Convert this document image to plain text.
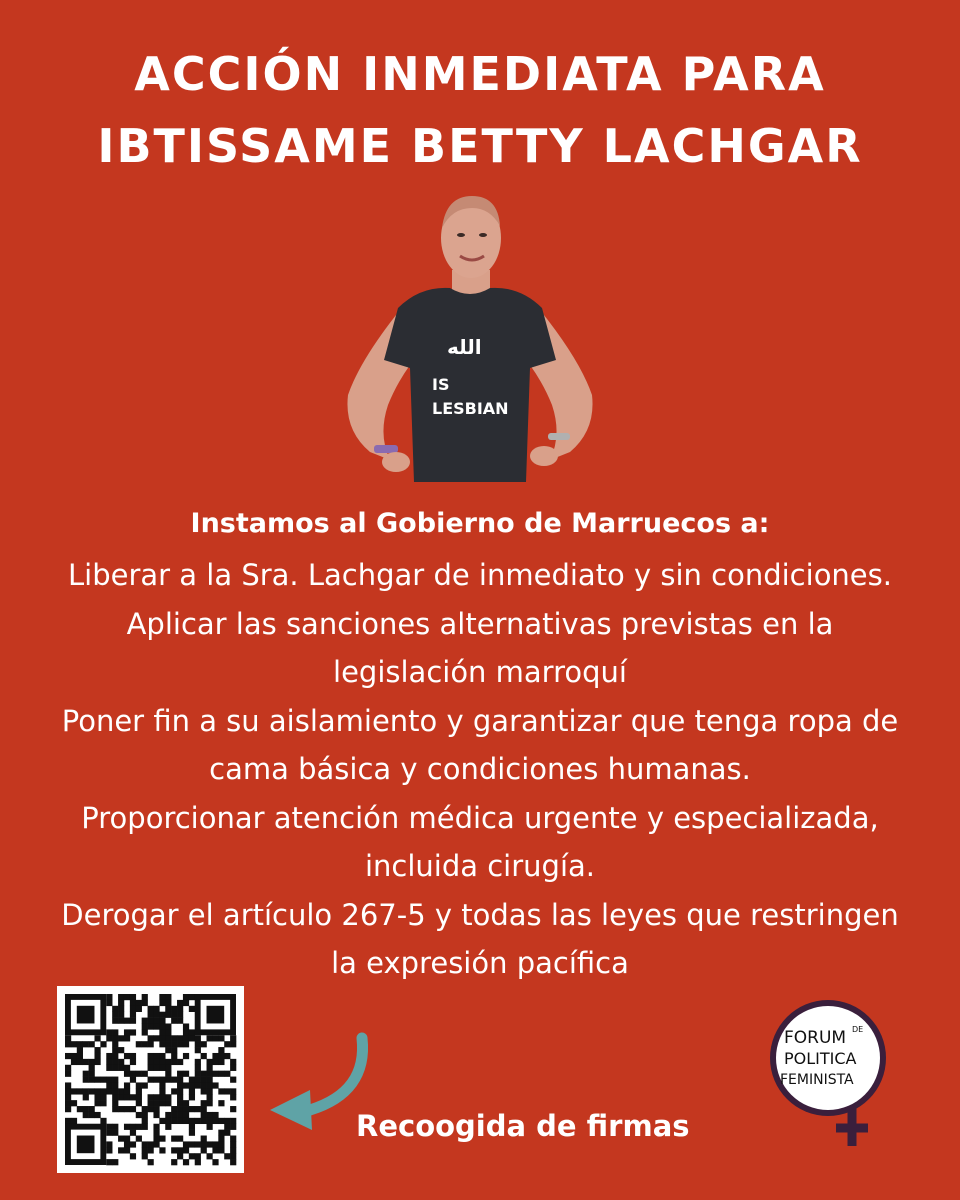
ACCIÓN INMEDIATA PARA
IBTISSAME BETTY LACHGAR
الله
IS
LESBIAN
Instamos al Gobierno de Marruecos a:
Liberar a la Sra. Lachgar de inmediato y sin condiciones.
Aplicar las sanciones alternativas previstas en la
legislación marroquí
Poner fin a su aislamiento y garantizar que tenga ropa de
cama básica y condiciones humanas.
Proporcionar atención médica urgente y especializada,
incluida cirugía.
Derogar el artículo 267-5 y todas las leyes que restringen
la expresión pacífica
Recoogida de firmas
FORUM DE
POLITICA
FEMINISTA
